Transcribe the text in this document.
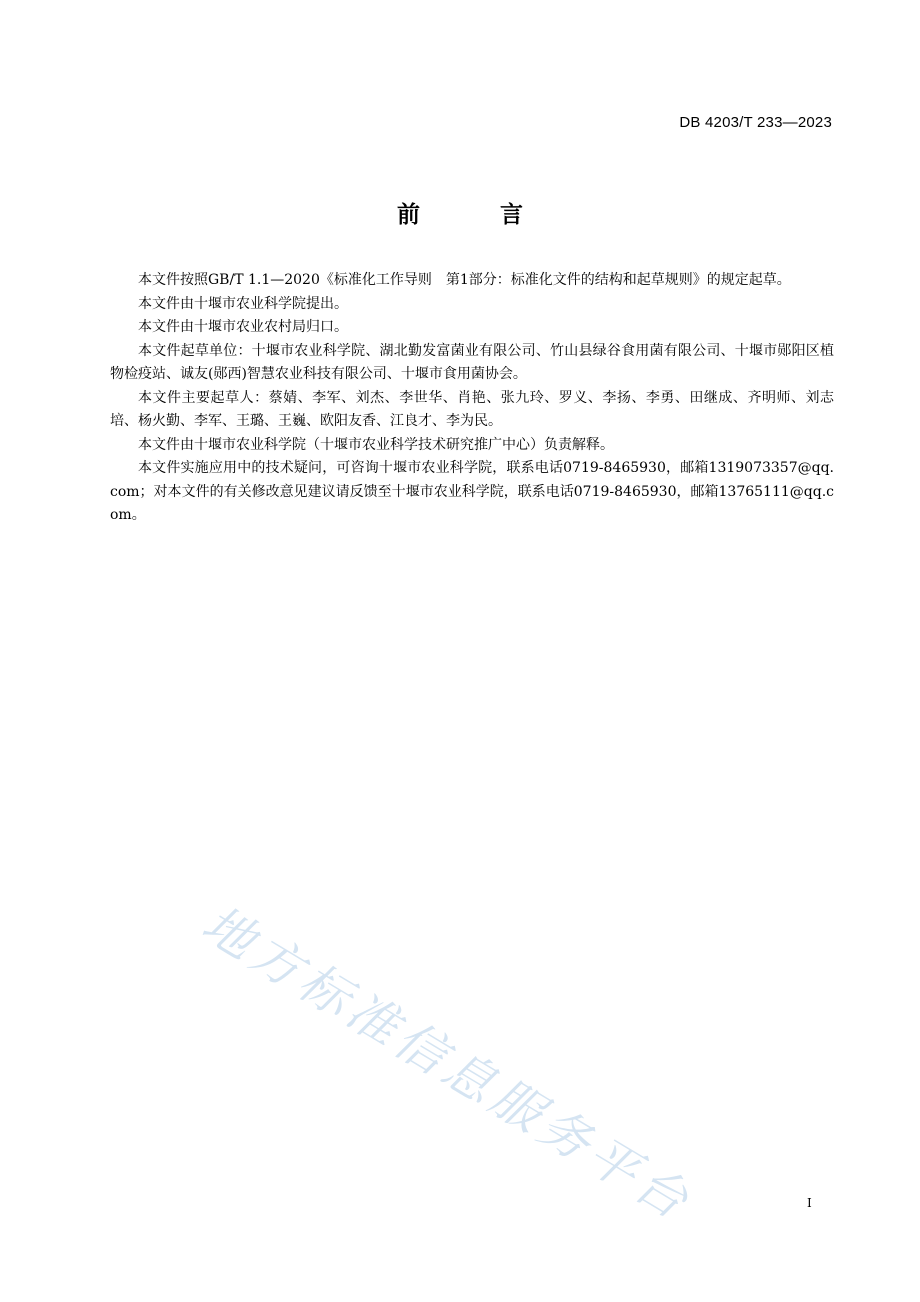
DB 4203/T 233—2023

前 言

本文件按照GB/T 1.1—2020《标准化工作导则　第1部分：标准化文件的结构和起草规则》的规定起草。

本文件由十堰市农业科学院提出。

本文件由十堰市农业农村局归口。

本文件起草单位：十堰市农业科学院、湖北勤发富菌业有限公司、竹山县绿谷食用菌有限公司、十堰市郧阳区植物检疫站、诚友(郧西)智慧农业科技有限公司、十堰市食用菌协会。

本文件主要起草人：蔡婧、李军、刘杰、李世华、肖艳、张九玲、罗义、李扬、李勇、田继成、齐明师、刘志培、杨火勤、李军、王璐、王巍、欧阳友香、江良才、李为民。

本文件由十堰市农业科学院（十堰市农业科学技术研究推广中心）负责解释。

本文件实施应用中的技术疑问，可咨询十堰市农业科学院，联系电话0719-8465930，邮箱1319073357@qq.com；对本文件的有关修改意见建议请反馈至十堰市农业科学院，联系电话0719-8465930，邮箱13765111@qq.com。

地方标准信息服务平台	I
